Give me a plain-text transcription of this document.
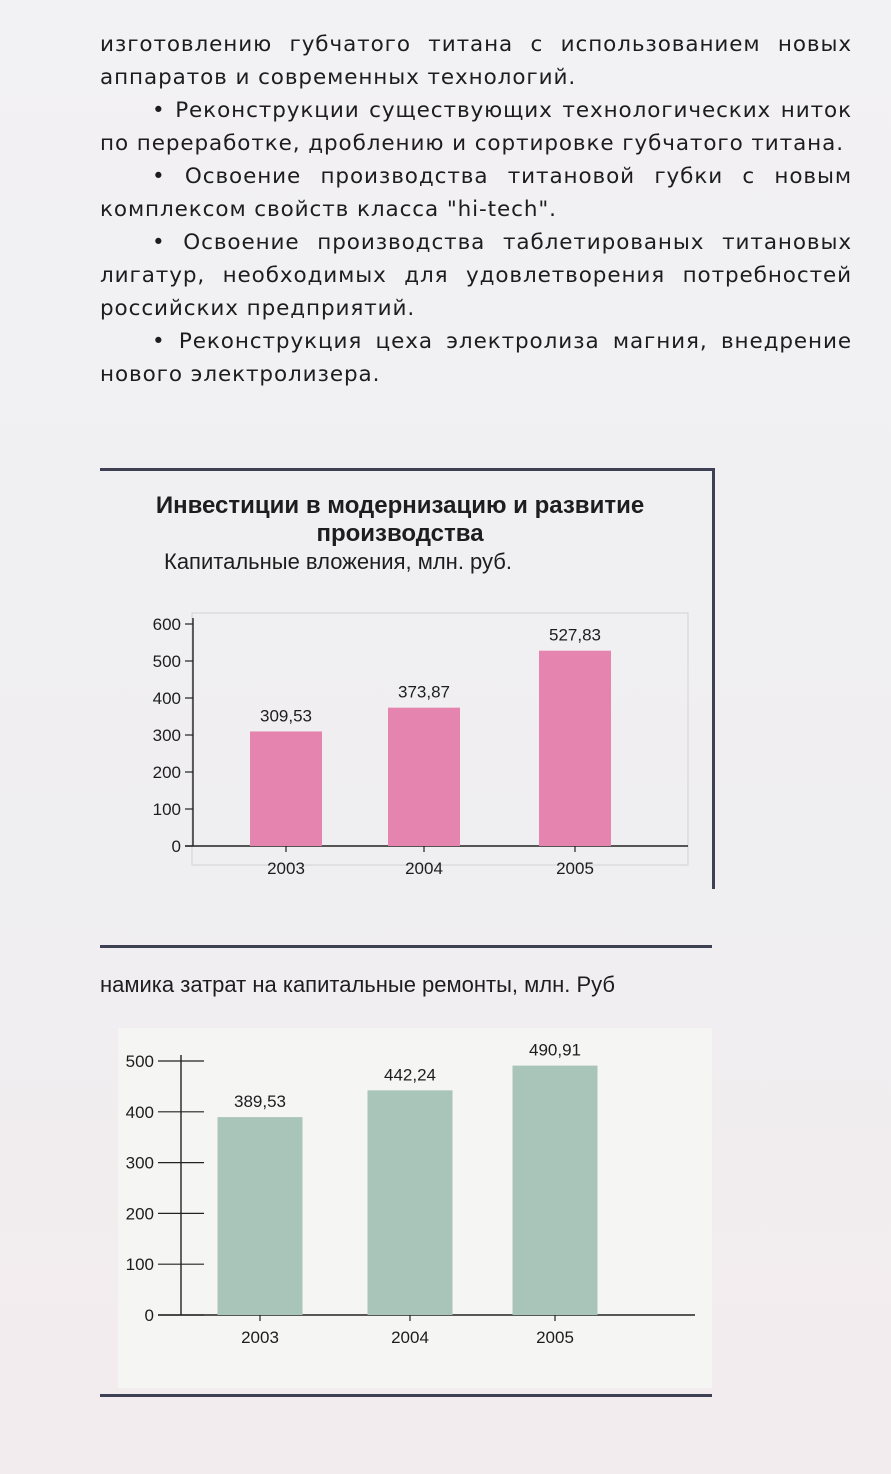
изготовлению губчатого титана с использованием новых аппаратов и современных технологий.

• Реконструкции существующих технологических ниток по переработке, дроблению и сортировке губчатого титана.

• Освоение производства титановой губки с новым комплексом свойств класса "hi-tech".

• Освоение производства таблетированых титановых лигатур, необходимых для удовлетворения потребностей российских предприятий.

• Реконструкция цеха электролиза магния, внедрение нового электролизера.

Инвестиции в модернизацию и развитие производства
Капитальные вложения, млн. руб.
0
100
200
300
400
500
600
309,53
2003
373,87
2004
527,83
2005
намика затрат на капитальные ремонты, млн. Руб
0
100
200
300
400
500
389,53
2003
442,24
2004
490,91
2005
